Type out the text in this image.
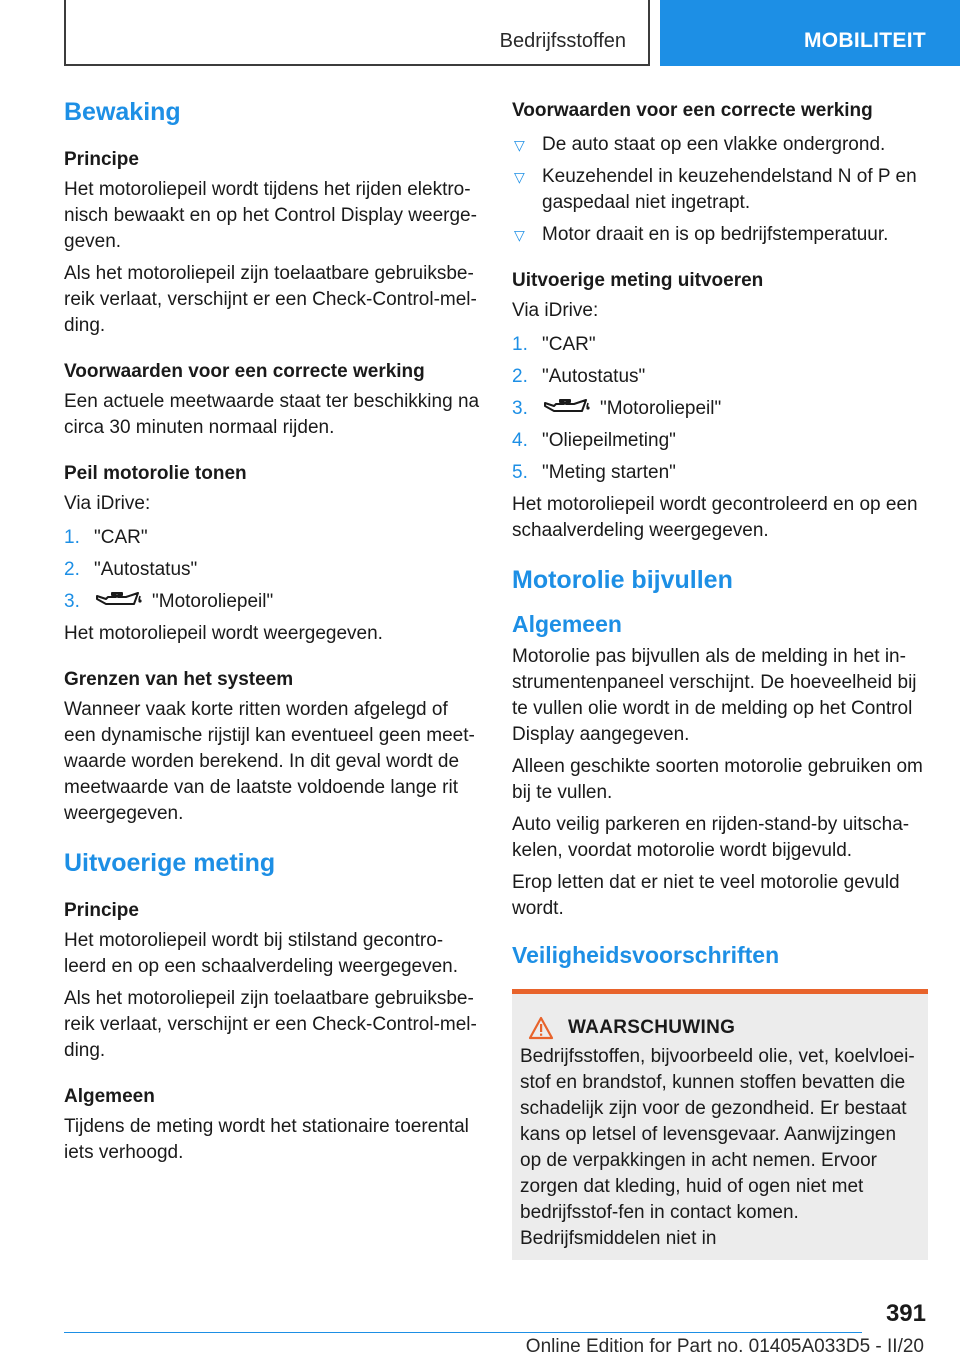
Bedrijfsstoffen	MOBILITEIT
Bewaking
Principe

Het motoroliepeil wordt tijdens het rijden elektro-nisch bewaakt en op het Control Display weerge-geven.

Als het motoroliepeil zijn toelaatbare gebruiksbe-reik verlaat, verschijnt er een Check-Control-mel-ding.

Voorwaarden voor een correcte werking

Een actuele meetwaarde staat ter beschikking na circa 30 minuten normaal rijden.

Peil motorolie tonen

Via iDrive:

1. "CAR"
2. "Autostatus"
3.	"Motoroliepeil"

Het motoroliepeil wordt weergegeven.

Grenzen van het systeem

Wanneer vaak korte ritten worden afgelegd of een dynamische rijstijl kan eventueel geen meet-waarde worden berekend. In dit geval wordt de meetwaarde van de laatste voldoende lange rit weergegeven.

Uitvoerige meting
Principe

Het motoroliepeil wordt bij stilstand gecontro-leerd en op een schaalverdeling weergegeven.

Als het motoroliepeil zijn toelaatbare gebruiksbe-reik verlaat, verschijnt er een Check-Control-mel-ding.

Algemeen

Tijdens de meting wordt het stationaire toerental iets verhoogd.

Voorwaarden voor een correcte werking
▽ De auto staat op een vlakke ondergrond.
▽ Keuzehendel in keuzehendelstand N of P en gaspedaal niet ingetrapt.
▽ Motor draait en is op bedrijfstemperatuur.
Uitvoerige meting uitvoeren

Via iDrive:

1. "CAR"
2. "Autostatus"
3.	"Motoroliepeil"
4. "Oliepeilmeting"
5. "Meting starten"

Het motoroliepeil wordt gecontroleerd en op een schaalverdeling weergegeven.

Motorolie bijvullen
Algemeen

Motorolie pas bijvullen als de melding in het in-strumentenpaneel verschijnt. De hoeveelheid bij te vullen olie wordt in de melding op het Control Display aangegeven.

Alleen geschikte soorten motorolie gebruiken om bij te vullen.

Auto veilig parkeren en rijden-stand-by uitscha-kelen, voordat motorolie wordt bijgevuld.

Erop letten dat er niet te veel motorolie gevuld wordt.

Veiligheidsvoorschriften
WAARSCHUWING

Bedrijfsstoffen, bijvoorbeeld olie, vet, koelvloei-stof en brandstof, kunnen stoffen bevatten die schadelijk zijn voor de gezondheid. Er bestaat kans op letsel of levensgevaar. Aanwijzingen op de verpakkingen in acht nemen. Ervoor zorgen dat kleding, huid of ogen niet met bedrijfsstof-fen in contact komen. Bedrijfsmiddelen niet in

391
Online Edition for Part no. 01405A033D5 - II/20
